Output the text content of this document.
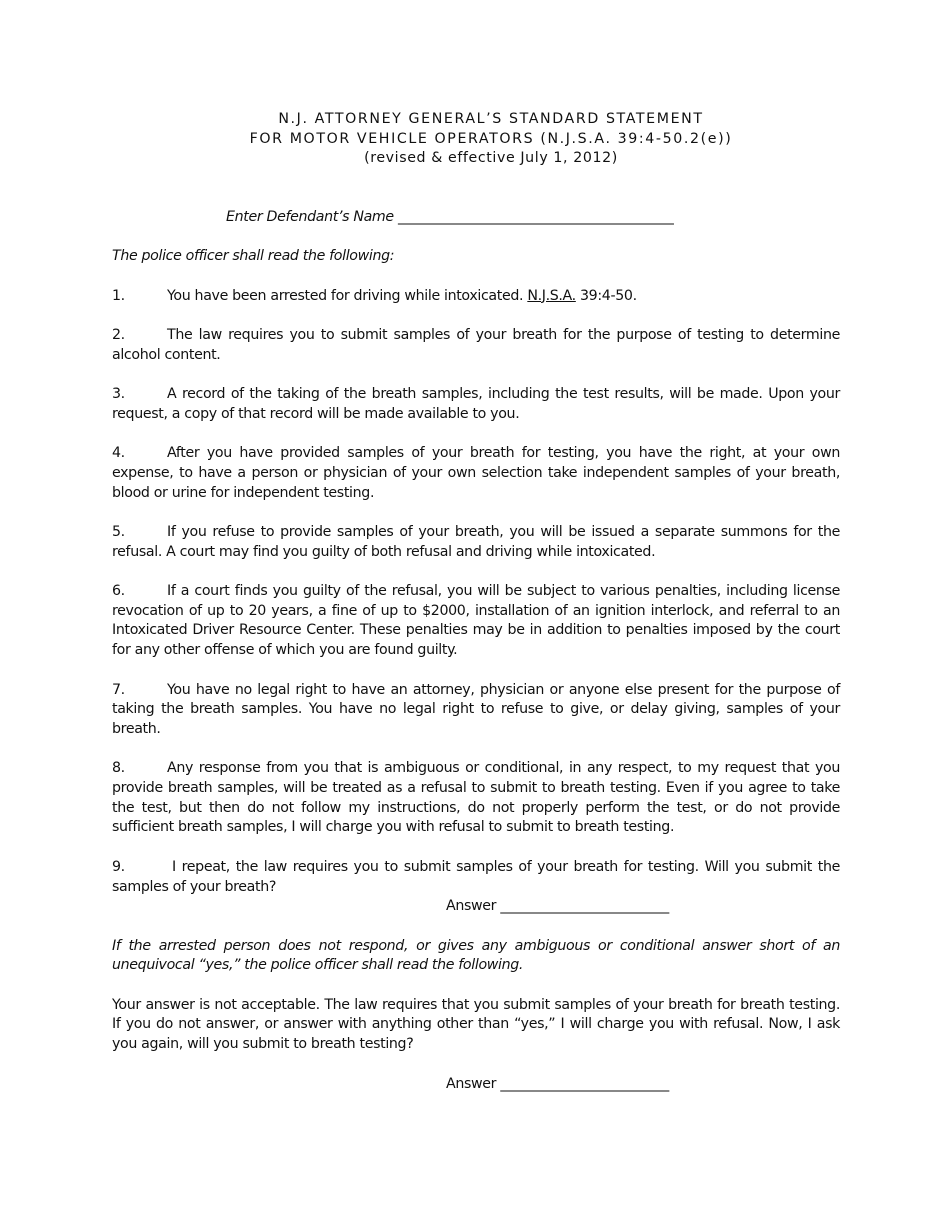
N.J. ATTORNEY GENERAL’S STANDARD STATEMENT
FOR MOTOR VEHICLE OPERATORS (N.J.S.A. 39:4-50.2(e))
(revised & effective July 1, 2012)
Enter Defendant’s Name ________________________________________
The police officer shall read the following:
1.	You have been arrested for driving while intoxicated. N.J.S.A. 39:4-50.
2.	The law requires you to submit samples of your breath for the purpose of testing to determine alcohol content.
3.	A record of the taking of the breath samples, including the test results, will be made. Upon your request, a copy of that record will be made available to you.
4.	After you have provided samples of your breath for testing, you have the right, at your own expense, to have a person or physician of your own selection take independent samples of your breath, blood or urine for independent testing.
5.	If you refuse to provide samples of your breath, you will be issued a separate summons for the refusal. A court may find you guilty of both refusal and driving while intoxicated.
6.	If a court finds you guilty of the refusal, you will be subject to various penalties, including license revocation of up to 20 years, a fine of up to $2000, installation of an ignition interlock, and referral to an Intoxicated Driver Resource Center. These penalties may be in addition to penalties imposed by the court for any other offense of which you are found guilty.
7.	You have no legal right to have an attorney, physician or anyone else present for the purpose of taking the breath samples. You have no legal right to refuse to give, or delay giving, samples of your breath.
8.	Any response from you that is ambiguous or conditional, in any respect, to my request that you provide breath samples, will be treated as a refusal to submit to breath testing. Even if you agree to take the test, but then do not follow my instructions, do not properly perform the test, or do not provide sufficient breath samples, I will charge you with refusal to submit to breath testing.
9.	I repeat, the law requires you to submit samples of your breath for testing. Will you submit the samples of your breath?
Answer _________________________
If the arrested person does not respond, or gives any ambiguous or conditional answer short of an unequivocal “yes,” the police officer shall read the following.
Your answer is not acceptable. The law requires that you submit samples of your breath for breath testing. If you do not answer, or answer with anything other than “yes,” I will charge you with refusal. Now, I ask you again, will you submit to breath testing?
Answer _________________________
